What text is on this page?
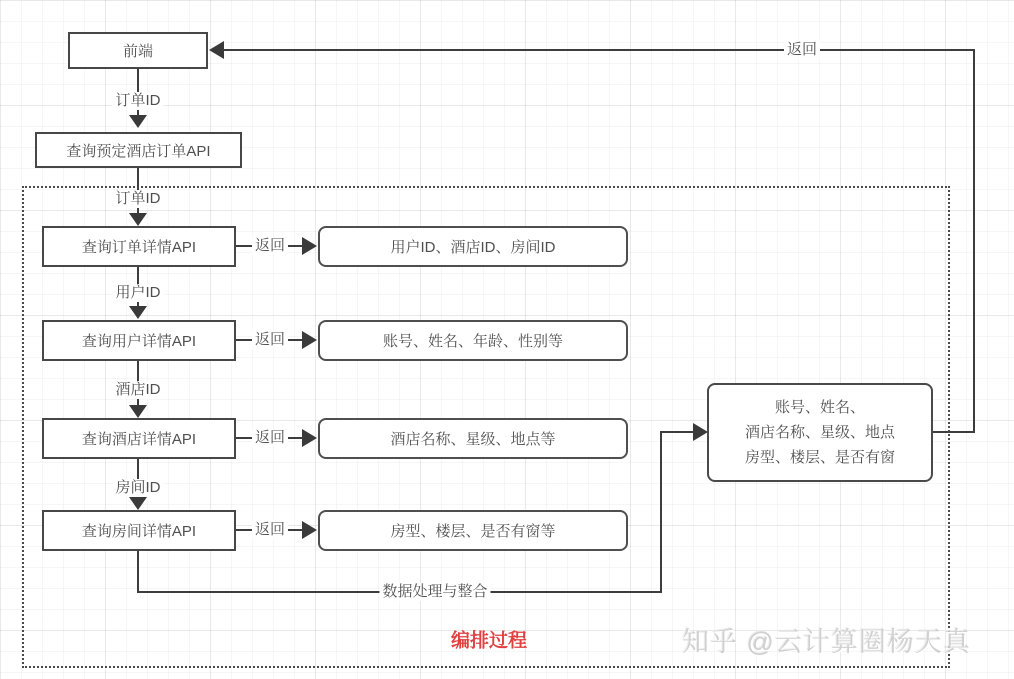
编排过程
前端
订单ID
查询预定酒店订单API
订单ID
查询订单详情API	返回	用户ID、酒店ID、房间ID
用户ID
查询用户详情API	返回	账号、姓名、年龄、性别等
酒店ID
查询酒店详情API	返回	酒店名称、星级、地点等
房间ID
查询房间详情API	返回	房型、楼层、是否有窗等
数据处理与整合
账号、姓名、
酒店名称、星级、地点
房型、楼层、是否有窗
返回
知乎 @云计算圈杨天真
